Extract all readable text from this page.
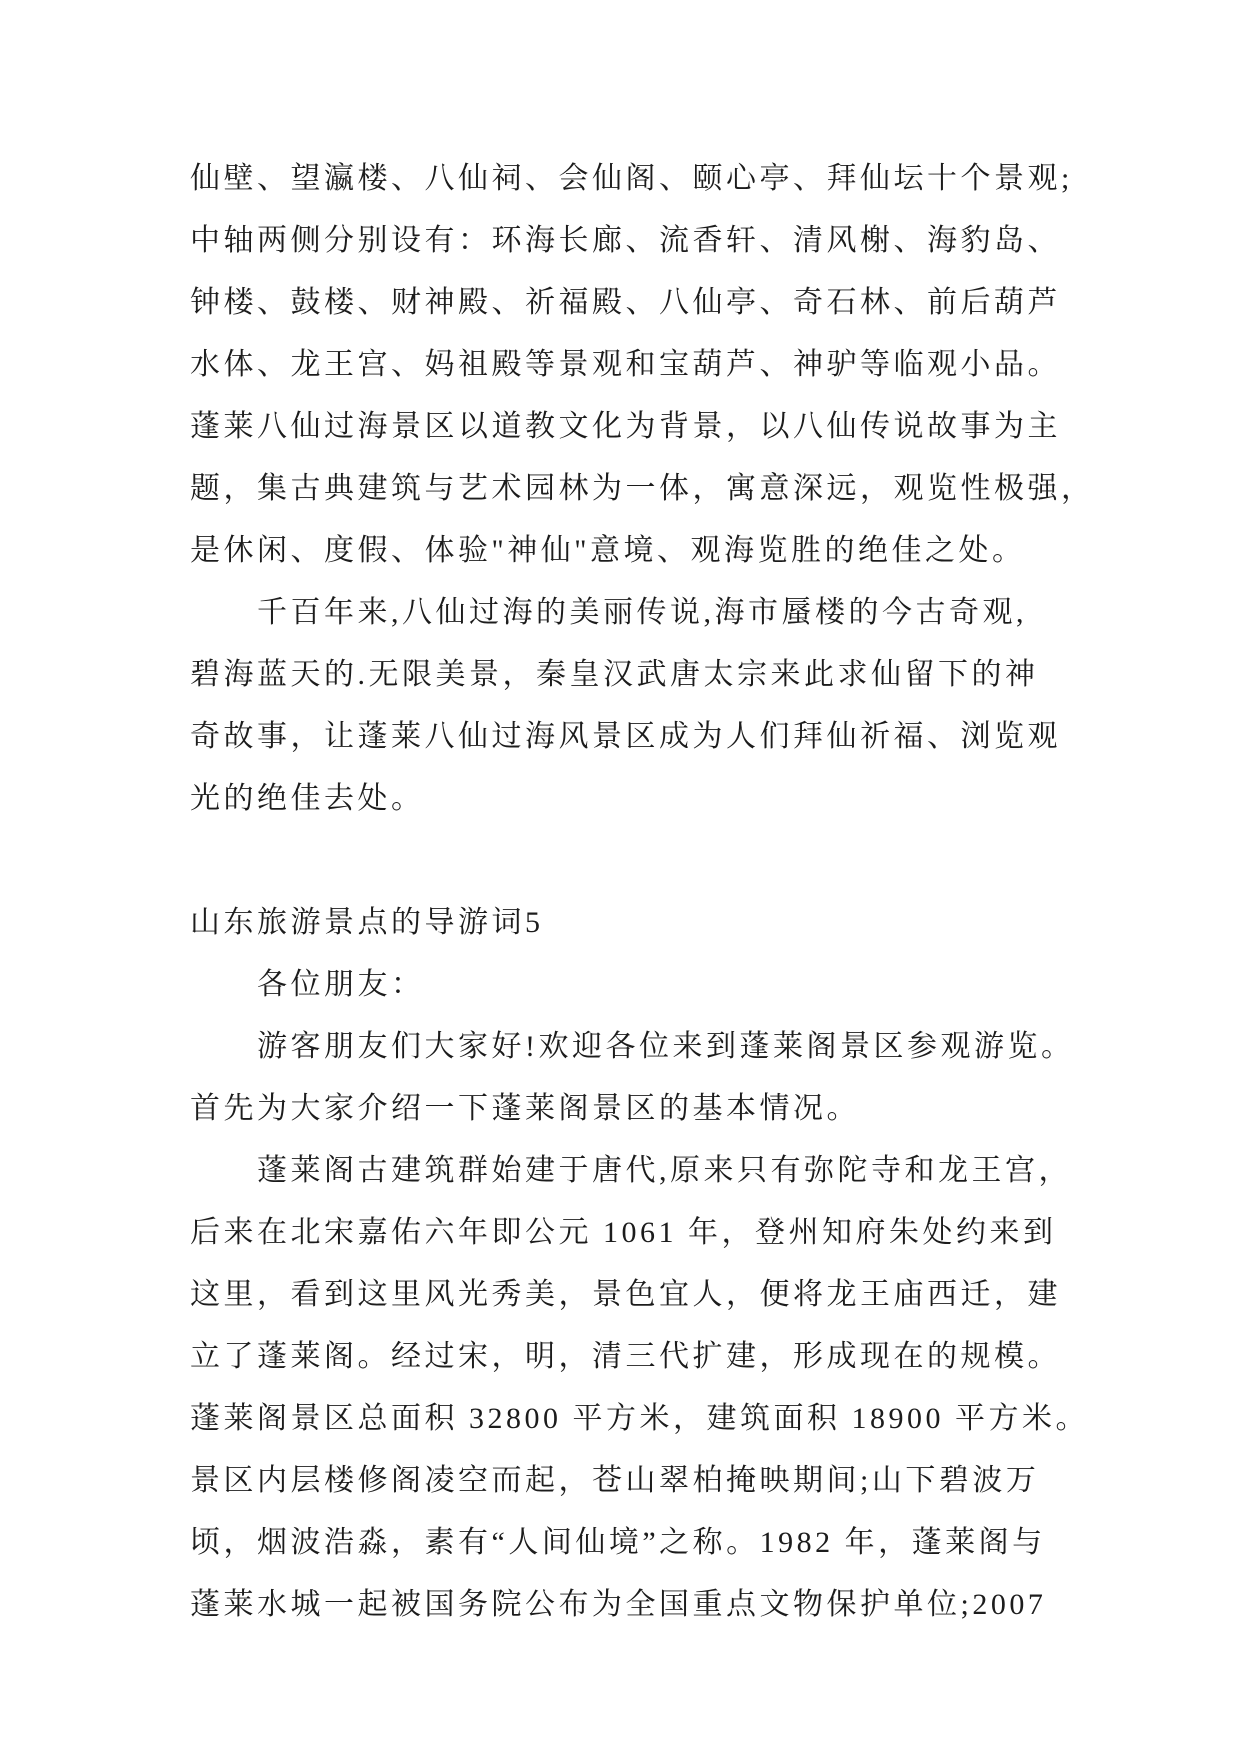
仙壁、望瀛楼、八仙祠、会仙阁、颐心亭、拜仙坛十个景观;
中轴两侧分别设有：环海长廊、流香轩、清风榭、海豹岛、
钟楼、鼓楼、财神殿、祈福殿、八仙亭、奇石林、前后葫芦
水体、龙王宫、妈祖殿等景观和宝葫芦、神驴等临观小品。
蓬莱八仙过海景区以道教文化为背景，以八仙传说故事为主
题，集古典建筑与艺术园林为一体，寓意深远，观览性极强，
是休闲、度假、体验"神仙"意境、观海览胜的绝佳之处。
千百年来,八仙过海的美丽传说,海市蜃楼的今古奇观,
碧海蓝天的.无限美景，秦皇汉武唐太宗来此求仙留下的神
奇故事，让蓬莱八仙过海风景区成为人们拜仙祈福、浏览观
光的绝佳去处。
山东旅游景点的导游词5
各位朋友：
游客朋友们大家好!欢迎各位来到蓬莱阁景区参观游览。
首先为大家介绍一下蓬莱阁景区的基本情况。
蓬莱阁古建筑群始建于唐代,原来只有弥陀寺和龙王宫，
后来在北宋嘉佑六年即公元 1061 年，登州知府朱处约来到
这里，看到这里风光秀美，景色宜人，便将龙王庙西迁，建
立了蓬莱阁。经过宋，明，清三代扩建，形成现在的规模。
蓬莱阁景区总面积 32800 平方米，建筑面积 18900 平方米。
景区内层楼修阁凌空而起，苍山翠柏掩映期间;山下碧波万
顷，烟波浩淼，素有“人间仙境”之称。1982 年，蓬莱阁与
蓬莱水城一起被国务院公布为全国重点文物保护单位;2007
